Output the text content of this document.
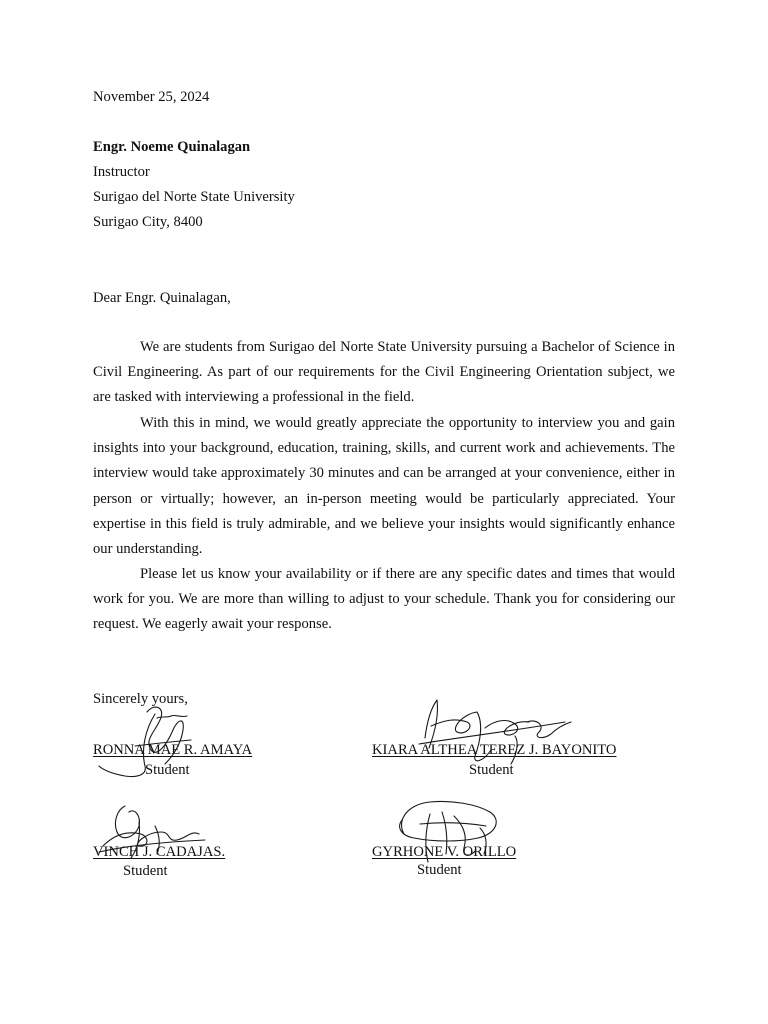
November 25, 2024
Engr. Noeme Quinalagan
Instructor
Surigao del Norte State University
Surigao City, 8400
Dear Engr. Quinalagan,

We are students from Surigao del Norte State University pursuing a Bachelor of Science in Civil Engineering. As part of our requirements for the Civil Engineering Orientation subject, we are tasked with interviewing a professional in the field.

With this in mind, we would greatly appreciate the opportunity to interview you and gain insights into your background, education, training, skills, and current work and achievements. The interview would take approximately 30 minutes and can be arranged at your convenience, either in person or virtually; however, an in-person meeting would be particularly appreciated. Your expertise in this field is truly admirable, and we believe your insights would significantly enhance our understanding.

Please let us know your availability or if there are any specific dates and times that would work for you. We are more than willing to adjust to your schedule. Thank you for considering our request. We eagerly await your response.

Sincerely yours,
RONNA MAE R. AMAYA
Student
KIARA ALTHEA TEREZ J. BAYONITO
Student
VINCH J. CADAJAS.
Student
GYRHONE V. ORILLO
Student
